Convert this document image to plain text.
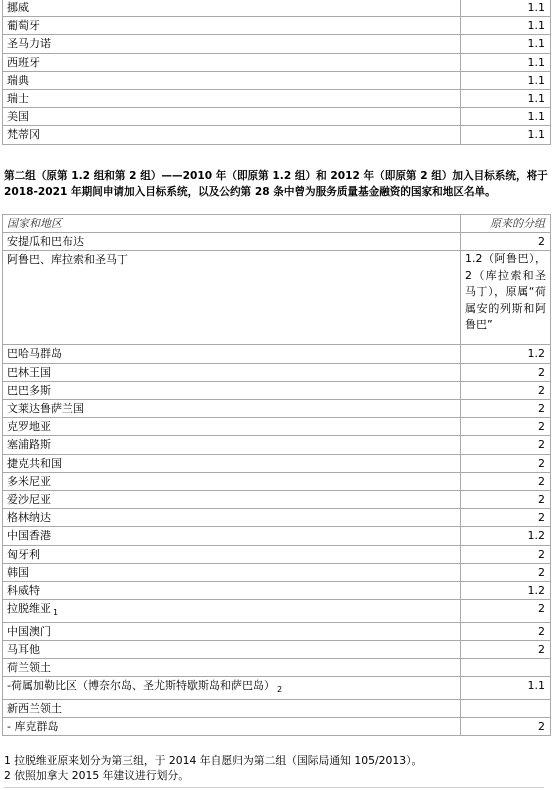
挪威	1.1
葡萄牙	1.1
圣马力诺	1.1
西班牙	1.1
瑞典	1.1
瑞士	1.1
美国	1.1
梵蒂冈	1.1
第二组（原第 1.2 组和第 2 组）——2010 年（即原第 1.2 组）和 2012 年（即原第 2 组）加入目标系统，将于 2018-2021 年期间申请加入目标系统，以及公约第 28 条中曾为服务质量基金融资的国家和地区名单。
国家和地区	原来的分组
安提瓜和巴布达	2
阿鲁巴、库拉索和圣马丁	1.2（阿鲁巴），2（库拉索和圣马丁），原属“荷属安的列斯和阿鲁巴”
巴哈马群岛	1.2
巴林王国	2
巴巴多斯	2
文莱达鲁萨兰国	2
克罗地亚	2
塞浦路斯	2
捷克共和国	2
多米尼亚	2
爱沙尼亚	2
格林纳达	2
中国香港	1.2
匈牙利	2
韩国	2
科威特	1.2
拉脱维亚 $_1$	2
中国澳门	2
马耳他	2
荷兰领土	
-荷属加勒比区（博奈尔岛、圣尤斯特歇斯岛和萨巴岛） $_2$	1.1
新西兰领土	
- 库克群岛	2
1 拉脱维亚原来划分为第三组，于 2014 年自愿归为第二组（国际局通知 105/2013）。
2 依照加拿大 2015 年建议进行划分。
